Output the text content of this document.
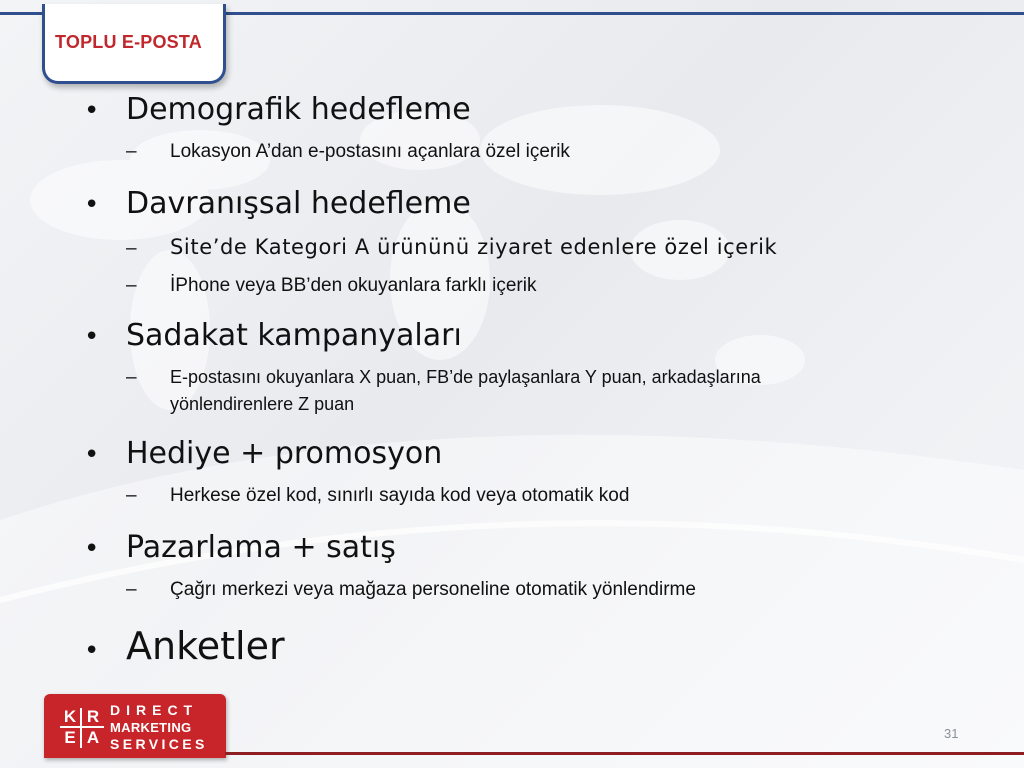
TOPLU E-POSTA
• Demografik hedefleme
–	Lokasyon A’dan e-postasını açanlara özel içerik
• Davranışsal hedefleme
–	Site’de Kategori A ürününü ziyaret edenlere özel içerik
–	İPhone veya BB’den okuyanlara farklı içerik
• Sadakat kampanyaları
–	E-postasını okuyanlara X puan, FB’de paylaşanlara Y puan, arkadaşlarına yönlendirenlere Z puan
• Hediye + promosyon
–	Herkese özel kod, sınırlı sayıda kod veya otomatik kod
• Pazarlama + satış
–	Çağrı merkezi veya mağaza personeline otomatik yönlendirme
• Anketler
K R
E A
DIRECT
MARKETING
SERVICES
31
